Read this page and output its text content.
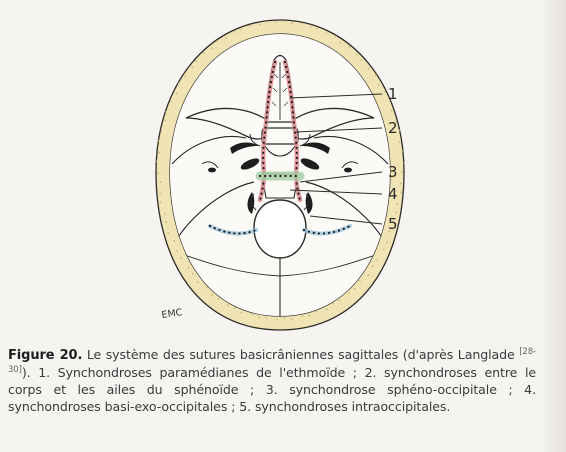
1
2
3
4
5
EMC
Figure 20. Le système des sutures basicrâniennes sagittales (d'après Langlade [28-30]). 1. Synchondroses paramédianes de l'ethmoïde ; 2. synchondroses entre le corps et les ailes du sphénoïde ; 3. synchondrose sphéno-occipitale ; 4. synchondroses basi-exo-occipitales ; 5. synchondroses intraoccipitales.
